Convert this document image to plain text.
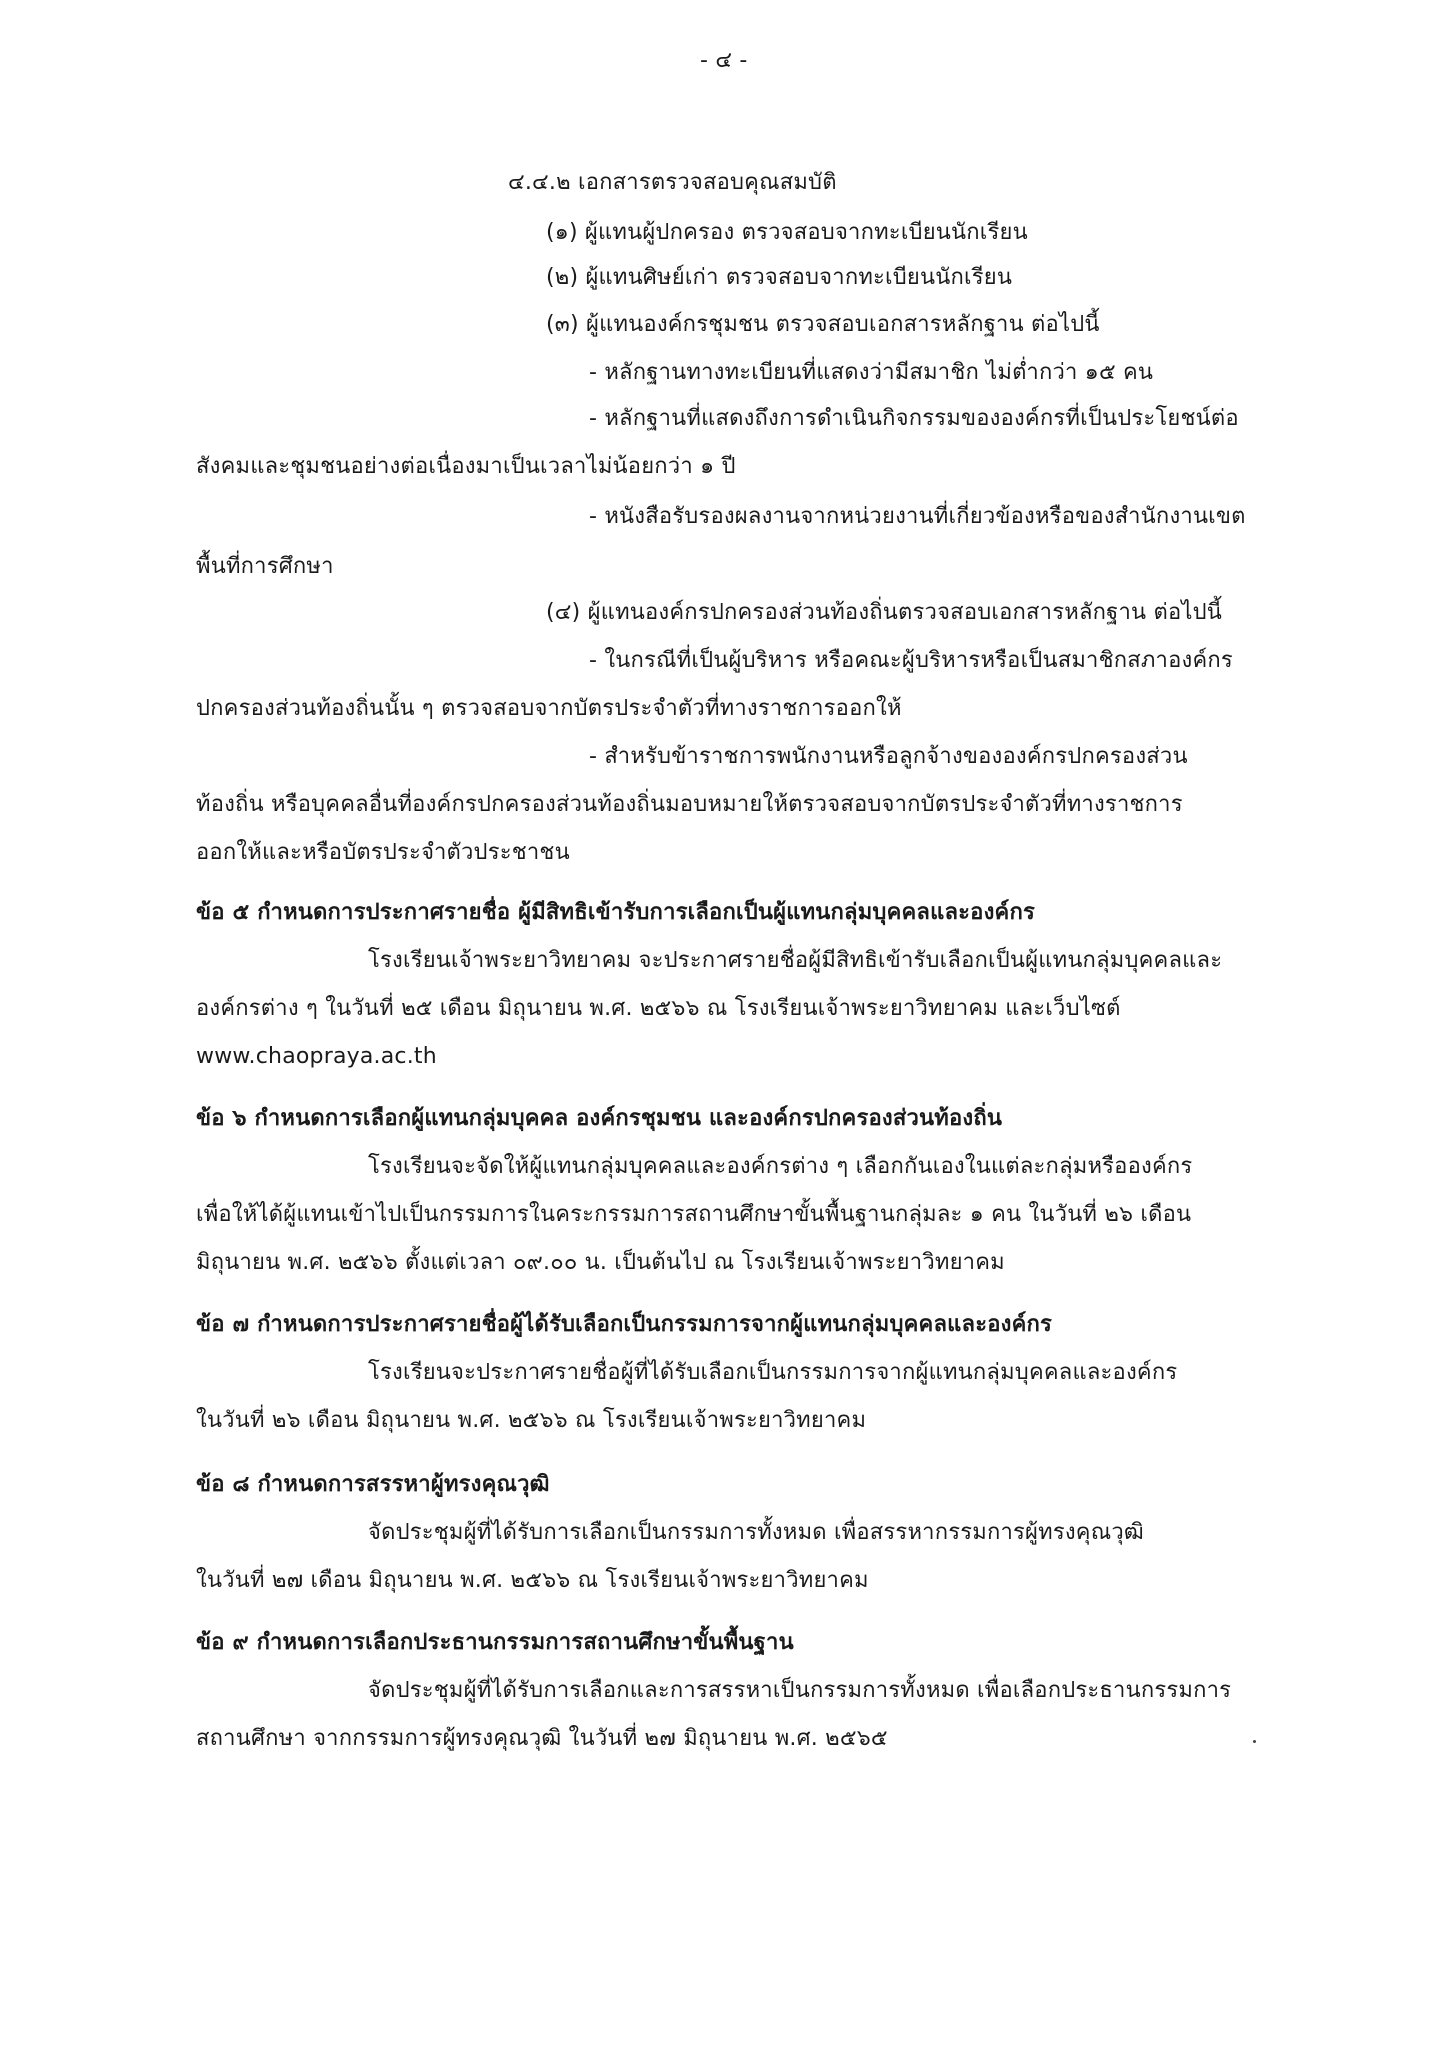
- ๔ -
๔.๔.๒ เอกสารตรวจสอบคุณสมบัติ
(๑) ผู้แทนผู้ปกครอง ตรวจสอบจากทะเบียนนักเรียน
(๒) ผู้แทนศิษย์เก่า ตรวจสอบจากทะเบียนนักเรียน
(๓) ผู้แทนองค์กรชุมชน ตรวจสอบเอกสารหลักฐาน ต่อไปนี้
- หลักฐานทางทะเบียนที่แสดงว่ามีสมาชิก ไม่ต่ำกว่า ๑๕ คน
- หลักฐานที่แสดงถึงการดำเนินกิจกรรมขององค์กรที่เป็นประโยชน์ต่อ
สังคมและชุมชนอย่างต่อเนื่องมาเป็นเวลาไม่น้อยกว่า ๑ ปี
- หนังสือรับรองผลงานจากหน่วยงานที่เกี่ยวข้องหรือของสำนักงานเขต
พื้นที่การศึกษา
(๔) ผู้แทนองค์กรปกครองส่วนท้องถิ่นตรวจสอบเอกสารหลักฐาน ต่อไปนี้
- ในกรณีที่เป็นผู้บริหาร หรือคณะผู้บริหารหรือเป็นสมาชิกสภาองค์กร
ปกครองส่วนท้องถิ่นนั้น ๆ ตรวจสอบจากบัตรประจำตัวที่ทางราชการออกให้
- สำหรับข้าราชการพนักงานหรือลูกจ้างขององค์กรปกครองส่วน
ท้องถิ่น หรือบุคคลอื่นที่องค์กรปกครองส่วนท้องถิ่นมอบหมายให้ตรวจสอบจากบัตรประจำตัวที่ทางราชการ
ออกให้และหรือบัตรประจำตัวประชาชน
ข้อ ๕ กำหนดการประกาศรายชื่อ ผู้มีสิทธิเข้ารับการเลือกเป็นผู้แทนกลุ่มบุคคลและองค์กร
โรงเรียนเจ้าพระยาวิทยาคม จะประกาศรายชื่อผู้มีสิทธิเข้ารับเลือกเป็นผู้แทนกลุ่มบุคคลและ
องค์กรต่าง ๆ ในวันที่ ๒๕ เดือน มิถุนายน พ.ศ. ๒๕๖๖ ณ โรงเรียนเจ้าพระยาวิทยาคม และเว็บไซต์
www.chaopraya.ac.th
ข้อ ๖ กำหนดการเลือกผู้แทนกลุ่มบุคคล องค์กรชุมชน และองค์กรปกครองส่วนท้องถิ่น
โรงเรียนจะจัดให้ผู้แทนกลุ่มบุคคลและองค์กรต่าง ๆ เลือกกันเองในแต่ละกลุ่มหรือองค์กร
เพื่อให้ได้ผู้แทนเข้าไปเป็นกรรมการในคระกรรมการสถานศึกษาขั้นพื้นฐานกลุ่มละ ๑ คน ในวันที่ ๒๖ เดือน
มิถุนายน พ.ศ. ๒๕๖๖ ตั้งแต่เวลา ๐๙.๐๐ น. เป็นต้นไป ณ โรงเรียนเจ้าพระยาวิทยาคม
ข้อ ๗ กำหนดการประกาศรายชื่อผู้ได้รับเลือกเป็นกรรมการจากผู้แทนกลุ่มบุคคลและองค์กร
โรงเรียนจะประกาศรายชื่อผู้ที่ได้รับเลือกเป็นกรรมการจากผู้แทนกลุ่มบุคคลและองค์กร
ในวันที่ ๒๖ เดือน มิถุนายน พ.ศ. ๒๕๖๖ ณ โรงเรียนเจ้าพระยาวิทยาคม
ข้อ ๘ กำหนดการสรรหาผู้ทรงคุณวุฒิ
จัดประชุมผู้ที่ได้รับการเลือกเป็นกรรมการทั้งหมด เพื่อสรรหากรรมการผู้ทรงคุณวุฒิ
ในวันที่ ๒๗ เดือน มิถุนายน พ.ศ. ๒๕๖๖ ณ โรงเรียนเจ้าพระยาวิทยาคม
ข้อ ๙ กำหนดการเลือกประธานกรรมการสถานศึกษาขั้นพื้นฐาน
จัดประชุมผู้ที่ได้รับการเลือกและการสรรหาเป็นกรรมการทั้งหมด เพื่อเลือกประธานกรรมการ
สถานศึกษา จากกรรมการผู้ทรงคุณวุฒิ ในวันที่ ๒๗ มิถุนายน พ.ศ. ๒๕๖๕
